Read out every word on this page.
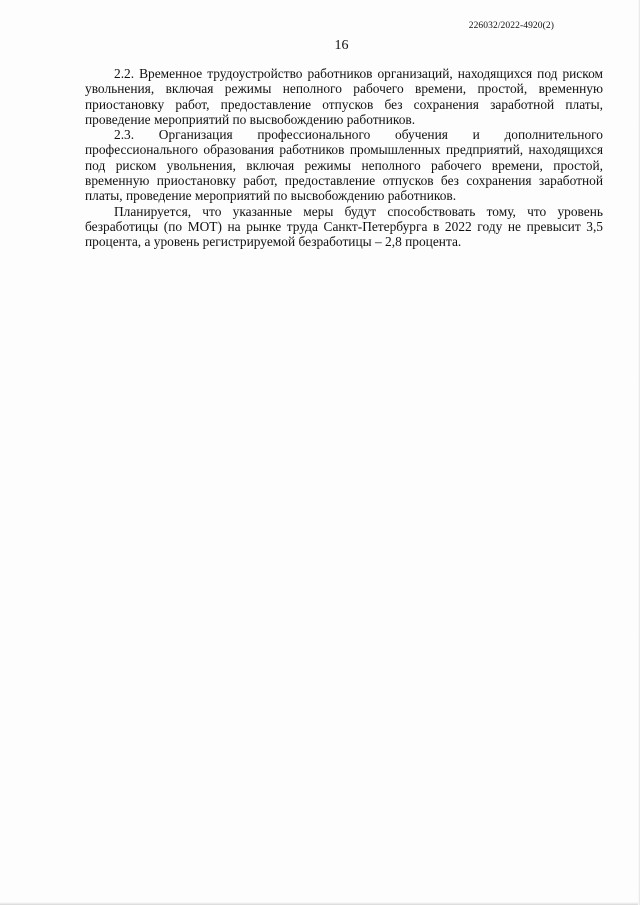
226032/2022-4920(2)
16

2.2. Временное трудоустройство работников организаций, находящихся под риском увольнения, включая режимы неполного рабочего времени, простой, временную приостановку работ, предоставление отпусков без сохранения заработной платы, проведение мероприятий по высвобождению работников.

2.3. Организация профессионального обучения и дополнительного профессионального образования работников промышленных предприятий, находящихся под риском увольнения, включая режимы неполного рабочего времени, простой, временную приостановку работ, предоставление отпусков без сохранения заработной платы, проведение мероприятий по высвобождению работников.

Планируется, что указанные меры будут способствовать тому, что уровень безработицы (по МОТ) на рынке труда Санкт-Петербурга в 2022 году не превысит 3,5 процента, а уровень регистрируемой безработицы – 2,8 процента.
